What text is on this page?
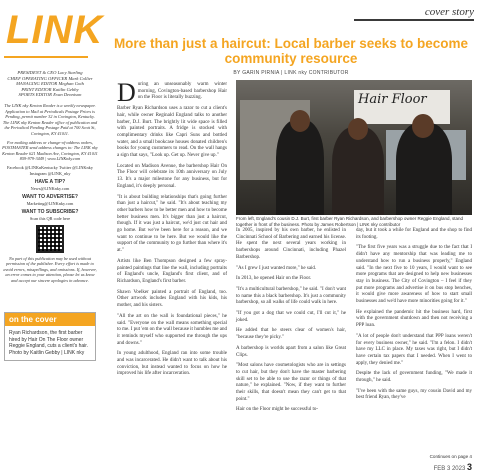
cover story
LINK
PRESIDENT & CEO Lacy Starling
CHIEF OPERATING OFFICER Mark Collier
MANAGING EDITOR Meghan Goth
PRINT EDITOR Kaitlin Gebby
SPORTS EDITOR Evan Dennison

The LINK nky Kenton Reader is a weekly newspaper. Application to Mail at Periodicals Postage Prices is Pending, permit number 32 in Covington, Kentucky. The LINK nky Kenton Reader office of publication and the Periodical Pending Postage Paid at 700 Scott St, Covington, KY 41011.

For mailing address or change-of-address orders, POSTMASTER send address changes to: The LINK nky Kenton Reader 621 Madison Ave, Covington, KY 41011 859-979-3449 | www.LINKnky.com

Facebook @LINKnKentucky Twitter @LINKnky Instagram @LINK_nky

HAVE A TIP?
News@LINKnky.com
WANT TO ADVERTISE?
Marketing@LINKnky.com
WANT TO SUBSCRIBE?
Scan this QR code here

No part of this publication may be used without permission of the publisher. Every effort is made to avoid errors, misspellings, and omissions. If, however, an error comes to your attention, please let us know and accept our sincere apologies in advance.

on the cover
Ryan Richardson, the first barber hired by Hair On The Floor owner Reggie England, cuts a client's hair. Photo by Kaitlin Gebby | LINK nky
More than just a haircut: Local barber seeks to become community resource
BY GARIN PIRNIA | LINK nky CONTRIBUTOR

During an unseasonably warm winter morning, Covington-based barbershop Hair on the Floor is literally buzzing.

Barber Ryan Richardson uses a razor to cut a client's hair, while owner Reginald England talks to another barber, D.J. Burt. The brightly lit wide space is filled with painted portraits. A fridge is stocked with complimentary drinks like Capri Suns and bottled water, and a small bookcase houses donated children's books for young customers to read. On the wall hangs a sign that says, "Look up. Get up. Never give up."

Located on Madison Avenue, the barbershop Hair On The Floor will celebrate its 10th anniversary on July 13. It's a major milestone for any business, but for England, it's deeply personal.

"It is about building relationships that's going further than just a haircut," he said. "It's about teaching my other barbers how to be better men and how to become better business men. It's bigger than just a haircut, though. If it was just a haircut, we'd just cut hair and go home. But we've been here for a reason, and we want to continue to be here. But we would like the support of the community to go further than where it's at."

Artists like Ben Thompson designed a few spray-painted paintings that line the wall, including portraits of England's uncle, England's first client, and of Richardson, England's first barber.

Shawn Voelker painted a portrait of England, too. Other artwork includes England with his kids, his mother, and his sisters.

"All the art on the wall is foundational pieces," he said. "Everyone on the wall means something special to me. I put 'em on the wall because it humbles me and it reminds myself who supported me through the ups and downs."

In young adulthood, England ran into some trouble and was incarcerated. He didn't want to talk about his conviction, but instead wanted to focus on how he improved his life after incarceration.

Hair Floor
From left, England's cousin D.J. Burt, first barber Ryan Richardson, and barbershop owner Reggie England, stand together in front of the business. Photo by James Robertson | LINK nky contributor

In 2005, inspired by his own barber, he enlisted in Cincinnati School of Barbering and earned his license. He spent the next several years working in barbershops around Cincinnati, including Phazel Barbershop.

"As I grew I just wanted more," he said.

In 2013, he opened Hair on the Floor.

"It's a multicultural barbershop," he said. "I don't want to name this a black barbershop. It's just a community barbershop, so all walks of life could walk in here.

"If you got a dog that we could cut, I'll cut it," he joked.

He added that he steers clear of women's hair, "because they're picky."

A barbershop is worlds apart from a salon like Great Clips.

"Most salons have cosmetologists who are in settings to cut hair, but they don't have the master barbering skill set to be able to use the razor or things of that nature," he explained. "Now, if they want to further their skills, that doesn't mean they can't get to that point."

Hair on the Floor might be successful to-

day, but it took a while for England and the shop to find its footing.

"The first five years was a struggle due to the fact that I didn't have any mentorship that was leading me to understand how to run a business properly," England said. "In the next five to 10 years, I would want to see more programs that are designed to help new businesses stay in business. The City of Covington – I feel if they put more programs and advertise it on bus stop benches, it would give more awareness of how to start small businesses and we'd have more minorities going for it."

He explained the pandemic hit the business hard, first with the government shutdown and then not receiving a PPP loan.

"A lot of people don't understand that PPP loans weren't for every business owner," he said. "I'm a felon. I didn't have my LLC in place. My taxes was right, but I didn't have certain tax papers that I needed. When I went to apply, they denied me."

Despite the lack of government funding, "We made it through," he said.

"I've been with the same guys, my cousin David and my best friend Ryan, they've

Continues on page 4
FEB 3 2023 3
